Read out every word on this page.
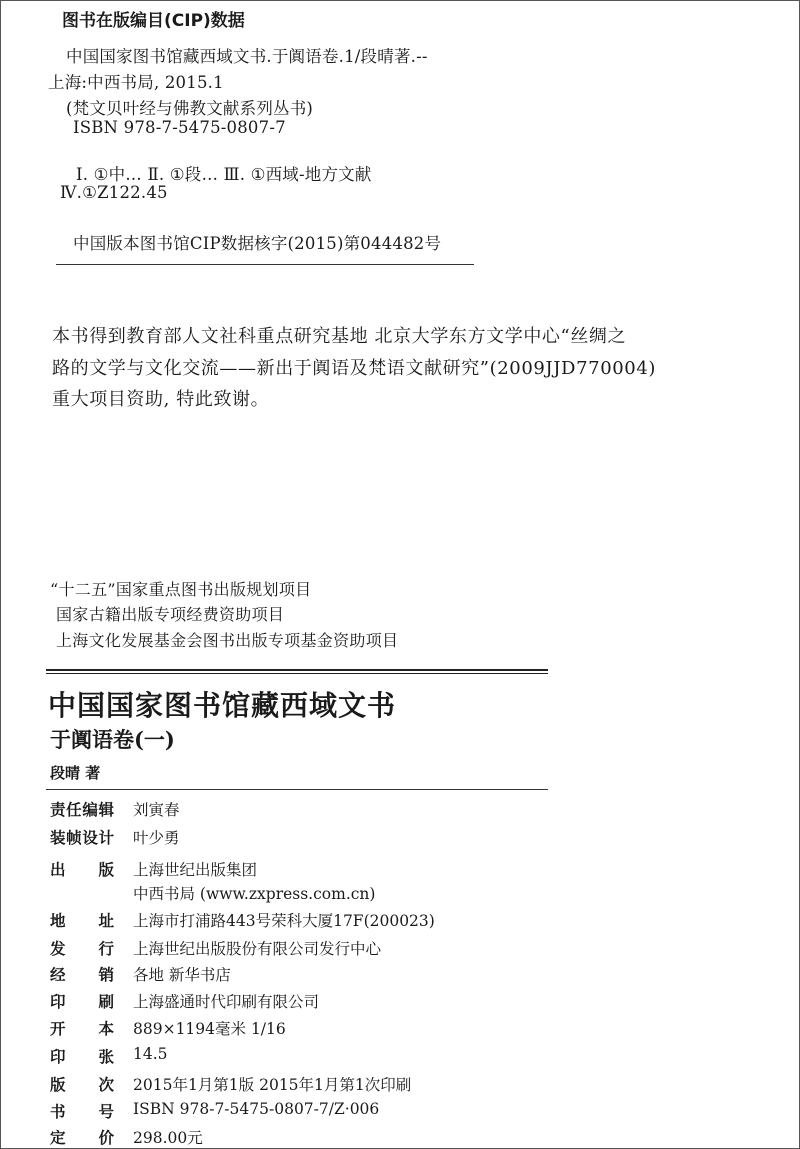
图书在版编目(CIP)数据
中国国家图书馆藏西域文书.于阗语卷.1/段晴著.--
上海:中西书局, 2015.1
(梵文贝叶经与佛教文献系列丛书)
ISBN 978-7-5475-0807-7
Ⅰ. ①中… Ⅱ. ①段… Ⅲ. ①西域-地方文献
Ⅳ.①Z122.45
中国版本图书馆CIP数据核字(2015)第044482号
本书得到教育部人文社科重点研究基地 北京大学东方文学中心“丝绸之
路的文学与文化交流——新出于阗语及梵语文献研究”(2009JJD770004)
重大项目资助, 特此致谢。
“十二五”国家重点图书出版规划项目
国家古籍出版专项经费资助项目
上海文化发展基金会图书出版专项基金资助项目
中国国家图书馆藏西域文书
于阗语卷(一)
段晴 著
责 任 编 辑 刘寅春
装 帧 设 计 叶少勇
出 版 上海世纪出版集团
中西书局 (www.zxpress.com.cn)
地 址 上海市打浦路443号荣科大厦17F(200023)
发 行 上海世纪出版股份有限公司发行中心
经 销 各地 新华书店
印 刷 上海盛通时代印刷有限公司
开 本 889×1194毫米 1/16
印 张 14.5
版 次 2015年1月第1版 2015年1月第1次印刷
书 号 ISBN 978-7-5475-0807-7/Z·006
定 价 298.00元
